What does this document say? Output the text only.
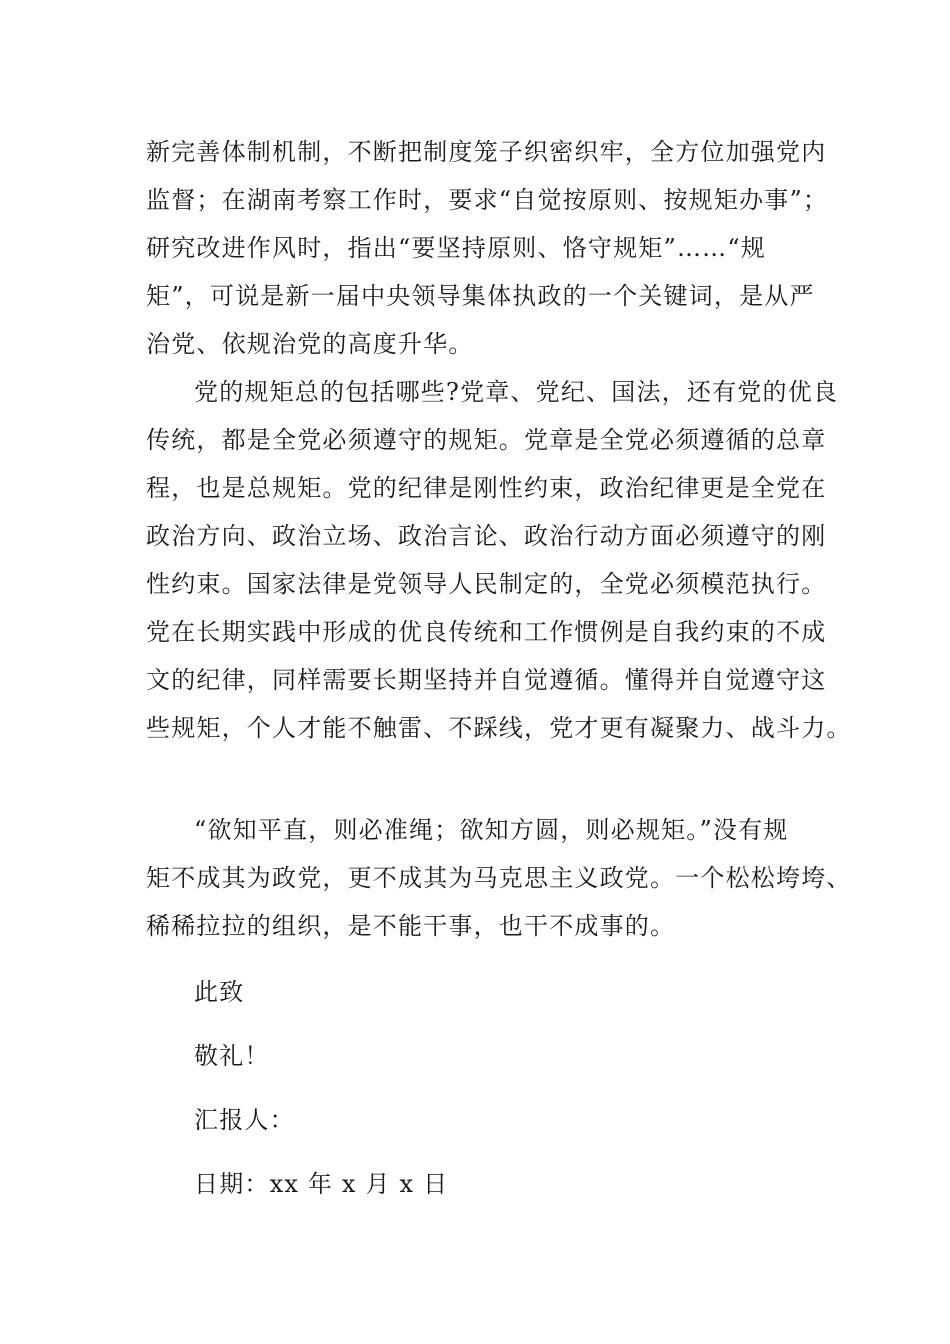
新完善体制机制，不断把制度笼子织密织牢，全方位加强党内
监督；在湖南考察工作时，要求“自觉按原则、按规矩办事”；
研究改进作风时，指出“要坚持原则、恪守规矩”……“规
矩”，可说是新一届中央领导集体执政的一个关键词，是从严
治党、依规治党的高度升华。
党的规矩总的包括哪些?党章、党纪、国法，还有党的优良
传统，都是全党必须遵守的规矩。党章是全党必须遵循的总章
程，也是总规矩。党的纪律是刚性约束，政治纪律更是全党在
政治方向、政治立场、政治言论、政治行动方面必须遵守的刚
性约束。国家法律是党领导人民制定的，全党必须模范执行。
党在长期实践中形成的优良传统和工作惯例是自我约束的不成
文的纪律，同样需要长期坚持并自觉遵循。懂得并自觉遵守这
些规矩，个人才能不触雷、不踩线，党才更有凝聚力、战斗力。
“欲知平直，则必准绳；欲知方圆，则必规矩。”没有规
矩不成其为政党，更不成其为马克思主义政党。一个松松垮垮、
稀稀拉拉的组织，是不能干事，也干不成事的。
此致
敬礼！
汇报人：
日期：xx 年 x 月 x 日
